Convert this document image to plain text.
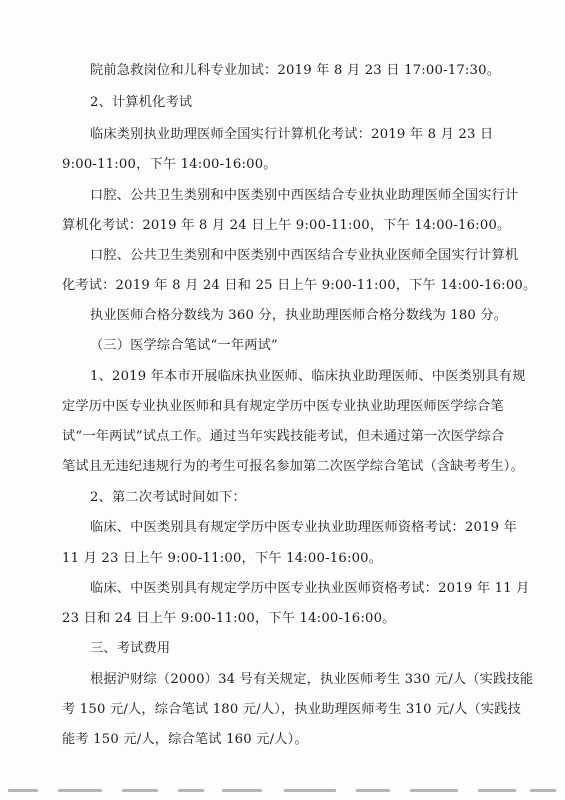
院前急救岗位和儿科专业加试：2019 年 8 月 23 日 17:00-17:30。
2、计算机化考试
临床类别执业助理医师全国实行计算机化考试：2019 年 8 月 23 日
9:00-11:00，下午 14:00-16:00。
口腔、公共卫生类别和中医类别中西医结合专业执业助理医师全国实行计
算机化考试：2019 年 8 月 24 日上午 9:00-11:00，下午 14:00-16:00。
口腔、公共卫生类别和中医类别中西医结合专业执业医师全国实行计算机
化考试：2019 年 8 月 24 日和 25 日上午 9:00-11:00，下午 14:00-16:00。
执业医师合格分数线为 360 分，执业助理医师合格分数线为 180 分。
（三）医学综合笔试“一年两试”
1、2019 年本市开展临床执业医师、临床执业助理医师、中医类别具有规
定学历中医专业执业医师和具有规定学历中医专业执业助理医师医学综合笔
试“一年两试”试点工作。通过当年实践技能考试，但未通过第一次医学综合
笔试且无违纪违规行为的考生可报名参加第二次医学综合笔试（含缺考考生）。
2、第二次考试时间如下：
临床、中医类别具有规定学历中医专业执业助理医师资格考试：2019 年
11 月 23 日上午 9:00-11:00，下午 14:00-16:00。
临床、中医类别具有规定学历中医专业执业医师资格考试：2019 年 11 月
23 日和 24 日上午 9:00-11:00，下午 14:00-16:00。
三、考试费用
根据沪财综（2000）34 号有关规定，执业医师考生 330 元/人（实践技能
考 150 元/人，综合笔试 180 元/人），执业助理医师考生 310 元/人（实践技
能考 150 元/人，综合笔试 160 元/人）。
